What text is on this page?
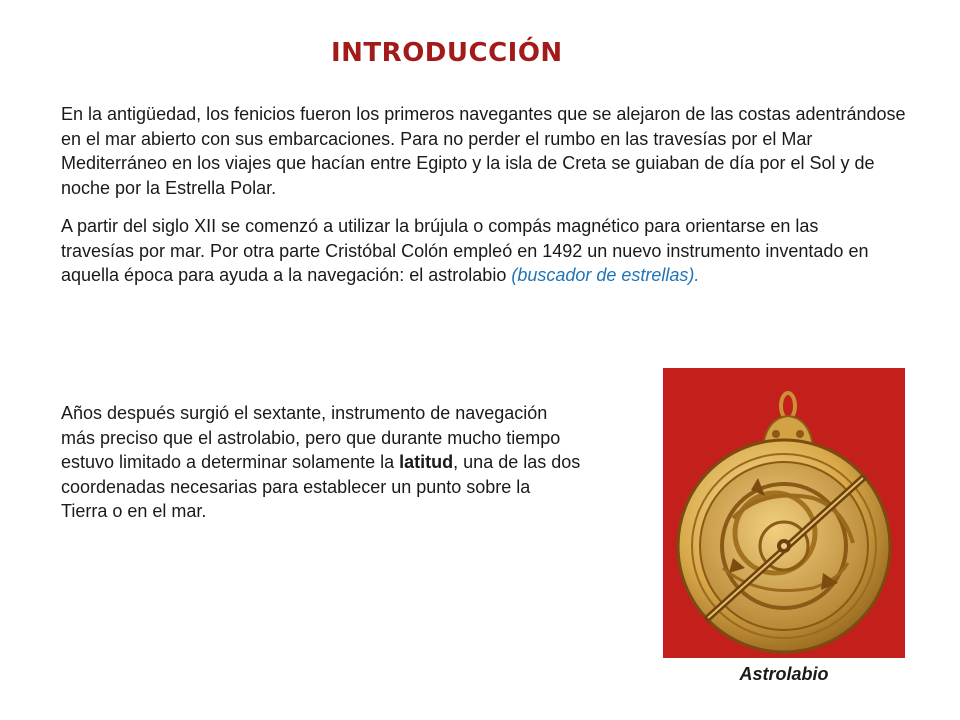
INTRODUCCIÓN

En la antigüedad, los fenicios fueron los primeros navegantes que se alejaron de las costas adentrándose en el mar abierto con sus embarcaciones. Para no perder el rumbo en las travesías por el Mar Mediterráneo en los viajes que hacían entre Egipto y la isla de Creta se guiaban de día por el Sol y de noche por la Estrella Polar.

A partir del siglo XII se comenzó a utilizar la brújula o compás magnético para orientarse en las travesías por mar. Por otra parte Cristóbal Colón empleó en 1492 un nuevo instrumento inventado en aquella época para ayuda a la navegación: el astrolabio (buscador de estrellas).

Años después surgió el sextante, instrumento de navegación más preciso que el astrolabio, pero que durante mucho tiempo estuvo limitado a determinar solamente la latitud, una de las dos coordenadas necesarias para establecer un punto sobre la Tierra o en el mar.

Astrolabio
